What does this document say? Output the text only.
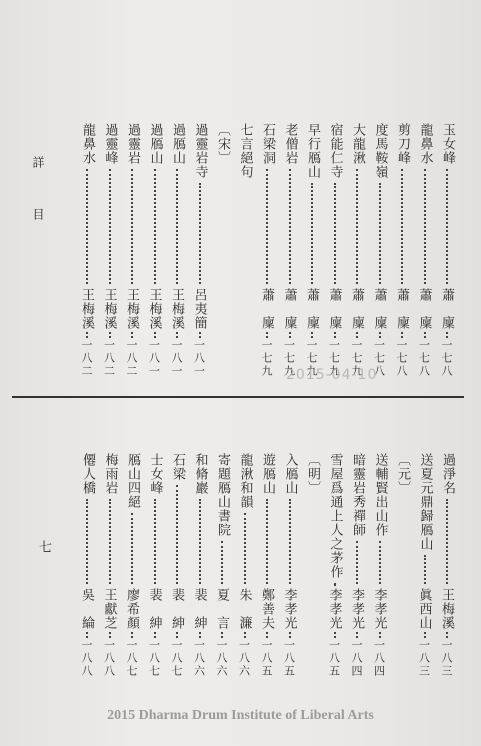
詳
目
七
玉女峰
蕭　廩
一七八
龍鼻水
蕭　廩
一七八
剪刀峰
蕭　廩
一七八
度馬鞍嶺
蕭　廩
一七八
大龍湫
蕭　廩
一七九
宿能仁寺
蕭　廩
一七九
早行鴈山
蕭　廩
一七九
老僧岩
蕭　廩
一七九
石梁洞
蕭　廩
一七九
七言絕句
〔宋〕
過靈岩寺
呂夷簡
一八一
過鴈山
王梅溪
一八一
過鴈山
王梅溪
一八一
過靈岩
王梅溪
一八二
過靈峰
王梅溪
一八二
龍鼻水
王梅溪
一八二	2015-04-10
過淨名
王梅溪
一八三
送夏元鼎歸鴈山
眞西山
一八三
〔元〕
送輔賢出山作
李孝光
一八四
暗靈岩秀禪師
李孝光
一八四
雪屋爲通上人之茅作
李孝光
一八五
〔明〕
入鴈山
李孝光
一八五
遊鴈山
鄭善夫
一八五
龍湫和韻
朱　濂
一八六
寄題鴈山書院
夏　言
一八六
和脩巖
裴　紳
一八六
石梁
裴　紳
一八七
士女峰
裴　紳
一八七
鴈山四絕
廖希顏
一八七
梅雨岩
王獻芝
一八八
僊人橋
吳　綸
一八八
2015 Dharma Drum Institute of Liberal Arts
